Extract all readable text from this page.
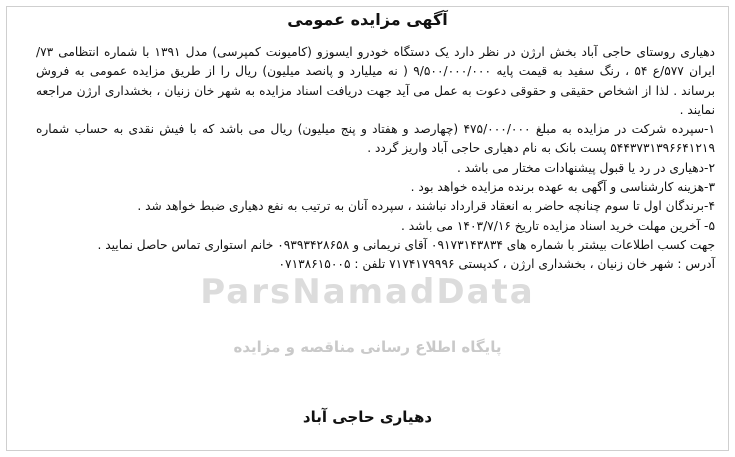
ParsNamadData
پایگاه اطلاع رسانی مناقصه و مزایده
آگهی مزایده عمومی

دهیاری روستای حاجی آباد بخش ارژن در نظر دارد یک دستگاه خودرو ایسوزو (کامیونت کمپرسی) مدل ۱۳۹۱ با شماره انتظامی ۷۳/ایران ۵۷۷/ع ۵۴ ، رنگ سفید به قیمت پایه ۹/۵۰۰/۰۰۰/۰۰۰ ( نه میلیارد و پانصد میلیون) ریال را از طریق مزایده عمومی به فروش برساند . لذا از اشخاص حقیقی و حقوقی دعوت به عمل می آید جهت دریافت اسناد مزایده به شهر خان زنیان ، بخشداری ارژن مراجعه نمایند .

۱-سپرده شرکت در مزایده به مبلغ ۴۷۵/۰۰۰/۰۰۰ (چهارصد و هفتاد و پنج میلیون) ریال می باشد که با فیش نقدی به حساب شماره ۵۴۴۳۷۳۱۳۹۶۶۴۱۲۱۹ پست بانک به نام دهیاری حاجی آباد واریز گردد .

۲-دهیاری در رد یا قبول پیشنهادات مختار می باشد .

۳-هزینه کارشناسی و آگهی به عهده برنده مزایده خواهد بود .

۴-برندگان اول تا سوم چنانچه حاضر به انعقاد قرارداد نباشند ، سپرده آنان به ترتیب به نفع دهیاری ضبط خواهد شد .

۵- آخرین مهلت خرید اسناد مزایده تاریخ ۱۴۰۳/۷/۱۶ می باشد .

جهت کسب اطلاعات بیشتر با شماره های ۰۹۱۷۳۱۴۳۸۳۴ آقای نریمانی و ۰۹۳۹۳۴۲۸۶۵۸ خانم استواری تماس حاصل نمایید .

آدرس : شهر خان زنیان ، بخشداری ارژن ، کدپستی ۷۱۷۴۱۷۹۹۹۶ تلفن : ۰۷۱۳۸۶۱۵۰۰۵

دهیاری حاجی آباد
